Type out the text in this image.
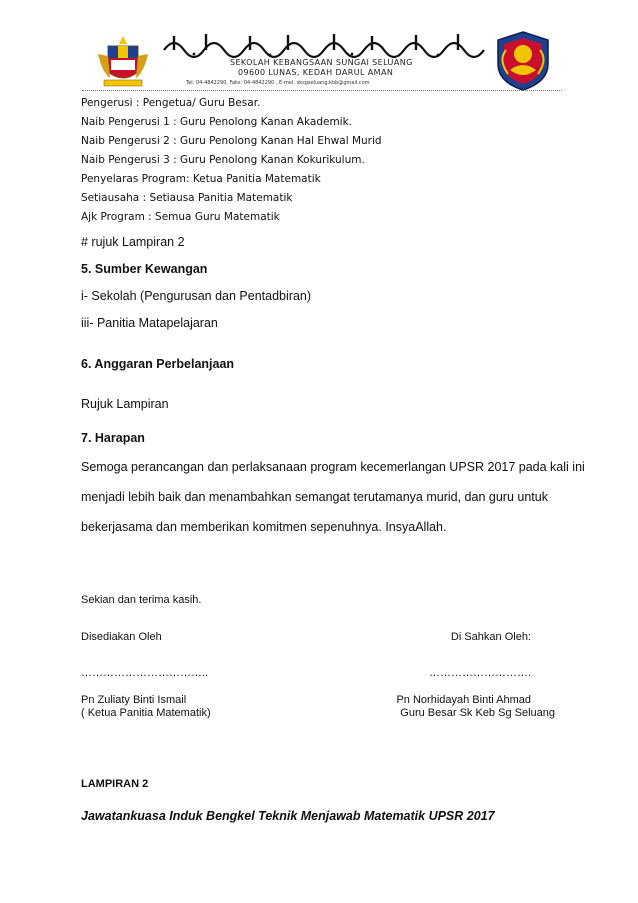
SEKOLAH KEBANGSAAN SUNGAI SELUANG
09600 LUNAS, KEDAH DARUL AMAN
Tel: 04-4842290, Faks: 04-4842290 , E-mel: sksgseluang.kbb@gmail.com
Pengerusi : Pengetua/ Guru Besar.
Naib Pengerusi 1 : Guru Penolong Kanan Akademik.
Naib Pengerusi 2 : Guru Penolong Kanan Hal Ehwal Murid
Naib Pengerusi 3 : Guru Penolong Kanan Kokurikulum.
Penyelaras Program: Ketua Panitia Matematik
Setiausaha : Setiausa Panitia Matematik
Ajk Program : Semua Guru Matematik
# rujuk Lampiran 2
5. Sumber Kewangan
i- Sekolah (Pengurusan dan Pentadbiran)
iii- Panitia Matapelajaran
6. Anggaran Perbelanjaan
Rujuk Lampiran
7. Harapan
Semoga perancangan dan perlaksanaan program kecemerlangan UPSR 2017 pada kali ini
menjadi lebih baik dan menambahkan semangat terutamanya murid, dan guru untuk
bekerjasama dan memberikan komitmen sepenuhnya. InsyaAllah.
Sekian dan terima kasih.
Disediakan Oleh	Di Sahkan Oleh:
……………………………..	……………………….
Pn Zuliaty Binti Ismail
( Ketua Panitia Matematik)
Pn Norhidayah Binti Ahmad
Guru Besar Sk Keb Sg Seluang
LAMPIRAN 2
Jawatankuasa Induk Bengkel Teknik Menjawab Matematik UPSR 2017
